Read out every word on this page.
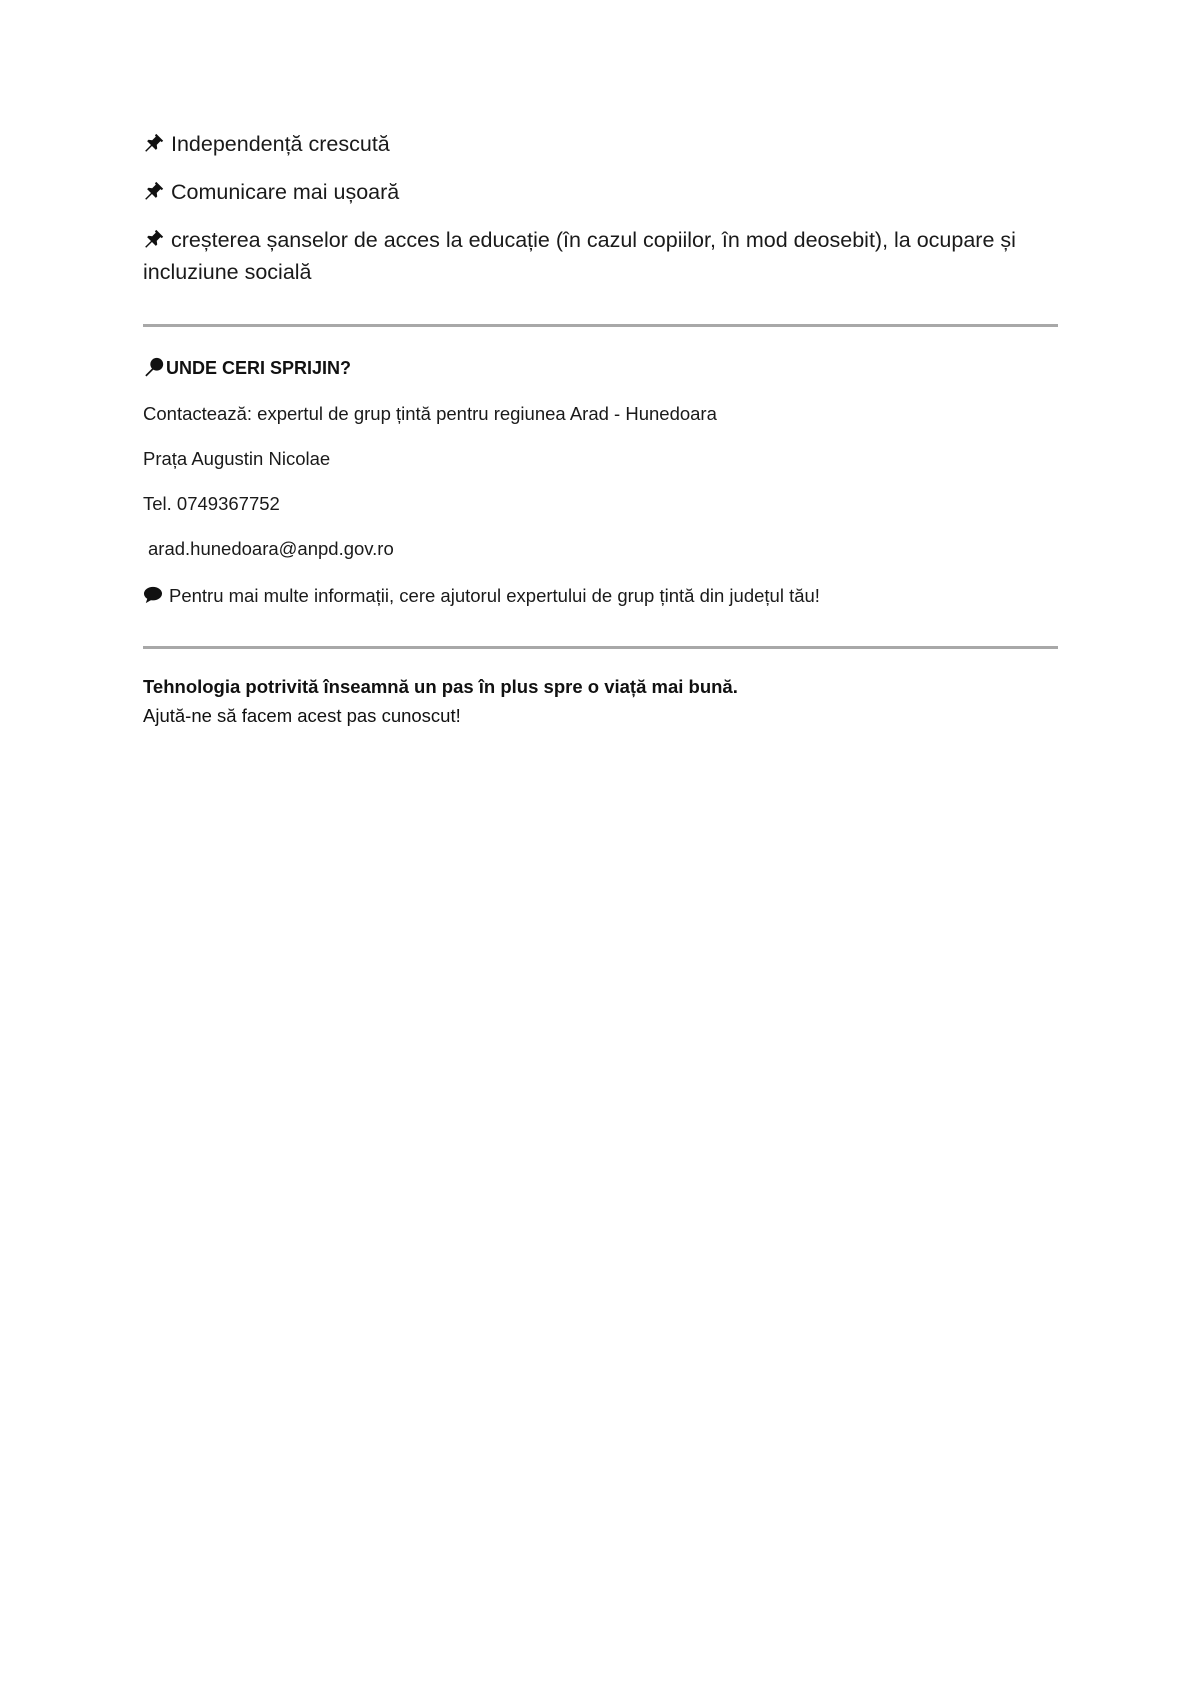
Independență crescută
Comunicare mai ușoară
creșterea șanselor de acces la educație (în cazul copiilor, în mod deosebit), la ocupare și incluziune socială
UNDE CERI SPRIJIN?
Contactează: expertul de grup țintă pentru regiunea Arad - Hunedoara
Prața Augustin Nicolae
Tel. 0749367752
arad.hunedoara@anpd.gov.ro
Pentru mai multe informații, cere ajutorul expertului de grup țintă din județul tău!
Tehnologia potrivită înseamnă un pas în plus spre o viață mai bună.
Ajută-ne să facem acest pas cunoscut!
